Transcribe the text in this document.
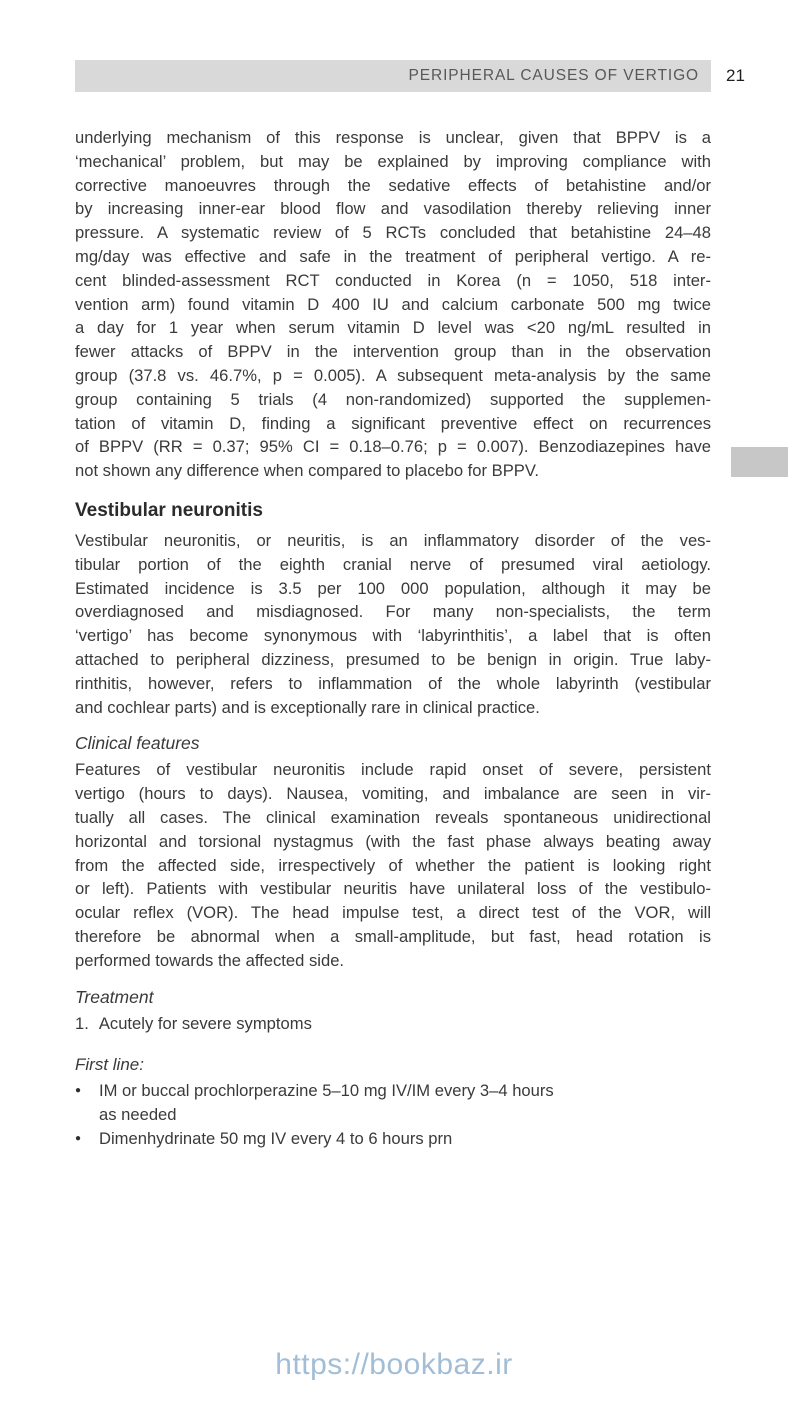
PERIPHERAL CAUSES OF VERTIGO 21
underlying mechanism of this response is unclear, given that BPPV is a
‘mechanical’ problem, but may be explained by improving compliance with
corrective manoeuvres through the sedative effects of betahistine and/or
by increasing inner-ear blood flow and vasodilation thereby relieving inner
pressure. A systematic review of 5 RCTs concluded that betahistine 24–48
mg/day was effective and safe in the treatment of peripheral vertigo. A re-
cent blinded-assessment RCT conducted in Korea (n = 1050, 518 inter-
vention arm) found vitamin D 400 IU and calcium carbonate 500 mg twice
a day for 1 year when serum vitamin D level was <20 ng/mL resulted in
fewer attacks of BPPV in the intervention group than in the observation
group (37.8 vs. 46.7%, p = 0.005). A subsequent meta-analysis by the same
group containing 5 trials (4 non-randomized) supported the supplemen-
tation of vitamin D, finding a significant preventive effect on recurrences
of BPPV (RR = 0.37; 95% CI = 0.18–0.76; p = 0.007). Benzodiazepines have
not shown any difference when compared to placebo for BPPV.
Vestibular neuronitis
Vestibular neuronitis, or neuritis, is an inflammatory disorder of the ves-
tibular portion of the eighth cranial nerve of presumed viral aetiology.
Estimated incidence is 3.5 per 100 000 population, although it may be
overdiagnosed and misdiagnosed. For many non-specialists, the term
‘vertigo’ has become synonymous with ‘labyrinthitis’, a label that is often
attached to peripheral dizziness, presumed to be benign in origin. True laby-
rinthitis, however, refers to inflammation of the whole labyrinth (vestibular
and cochlear parts) and is exceptionally rare in clinical practice.
Clinical features
Features of vestibular neuronitis include rapid onset of severe, persistent
vertigo (hours to days). Nausea, vomiting, and imbalance are seen in vir-
tually all cases. The clinical examination reveals spontaneous unidirectional
horizontal and torsional nystagmus (with the fast phase always beating away
from the affected side, irrespectively of whether the patient is looking right
or left). Patients with vestibular neuritis have unilateral loss of the vestibulo-
ocular reflex (VOR). The head impulse test, a direct test of the VOR, will
therefore be abnormal when a small-amplitude, but fast, head rotation is
performed towards the affected side.
Treatment
1. Acutely for severe symptoms
First line:
●	IM or buccal prochlorperazine 5–10 mg IV/IM every 3–4 hours
as needed
●	Dimenhydrinate 50 mg IV every 4 to 6 hours prn
https://bookbaz.ir
